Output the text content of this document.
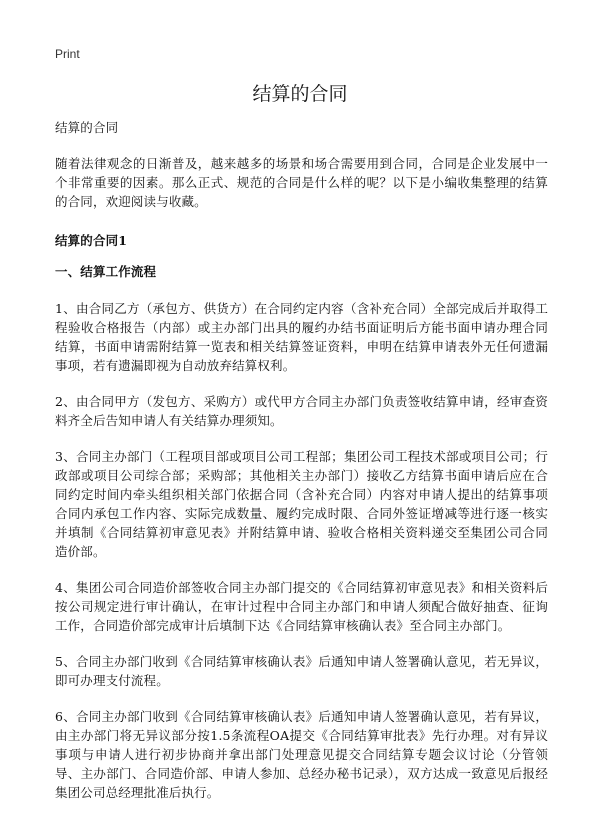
Print
结算的合同

结算的合同

随着法律观念的日渐普及，越来越多的场景和场合需要用到合同，合同是企业发展中一个非常重要的因素。那么正式、规范的合同是什么样的呢？以下是小编收集整理的结算的合同，欢迎阅读与收藏。

结算的合同1

一、结算工作流程

1、由合同乙方（承包方、供货方）在合同约定内容（含补充合同）全部完成后并取得工程验收合格报告（内部）或主办部门出具的履约办结书面证明后方能书面申请办理合同结算，书面申请需附结算一览表和相关结算签证资料，申明在结算申请表外无任何遗漏事项，若有遗漏即视为自动放弃结算权利。

2、由合同甲方（发包方、采购方）或代甲方合同主办部门负责签收结算申请，经审查资料齐全后告知申请人有关结算办理须知。

3、合同主办部门（工程项目部或项目公司工程部；集团公司工程技术部或项目公司；行政部或项目公司综合部；采购部；其他相关主办部门）接收乙方结算书面申请后应在合同约定时间内牵头组织相关部门依据合同（含补充合同）内容对申请人提出的结算事项合同内承包工作内容、实际完成数量、履约完成时限、合同外签证增减等进行逐一核实并填制《合同结算初审意见表》并附结算申请、验收合格相关资料递交至集团公司合同造价部。

4、集团公司合同造价部签收合同主办部门提交的《合同结算初审意见表》和相关资料后按公司规定进行审计确认，在审计过程中合同主办部门和申请人须配合做好抽查、征询工作，合同造价部完成审计后填制下达《合同结算审核确认表》至合同主办部门。

5、合同主办部门收到《合同结算审核确认表》后通知申请人签署确认意见，若无异议，即可办理支付流程。

6、合同主办部门收到《合同结算审核确认表》后通知申请人签署确认意见，若有异议，由主办部门将无异议部分按1.5条流程OA提交《合同结算审批表》先行办理。对有异议事项与申请人进行初步协商并拿出部门处理意见提交合同结算专题会议讨论（分管领导、主办部门、合同造价部、申请人参加、总经办秘书记录），双方达成一致意见后报经集团公司总经理批准后执行。
